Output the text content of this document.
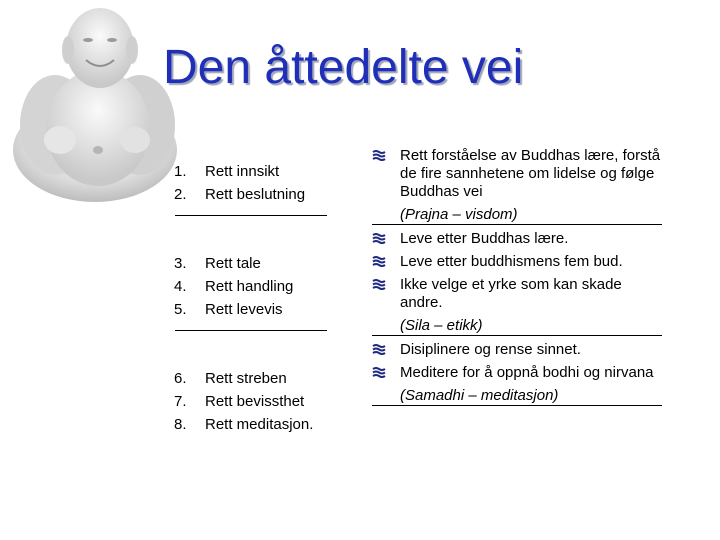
Den åttedelte vei
1.	Rett innsikt
2.	Rett beslutning
3.	Rett tale
4.	Rett handling
5.	Rett levevis
6.	Rett streben
7.	Rett bevissthet
8.	Rett meditasjon.
Rett forståelse av Buddhas lære, forstå de fire sannhetene om lidelse og følge Buddhas vei
(Prajna – visdom)
Leve etter Buddhas lære.
Leve etter buddhismens fem bud.
Ikke velge et yrke som kan skade andre.
(Sila – etikk)
Disiplinere og rense sinnet.
Meditere for å oppnå bodhi og nirvana
(Samadhi – meditasjon)
